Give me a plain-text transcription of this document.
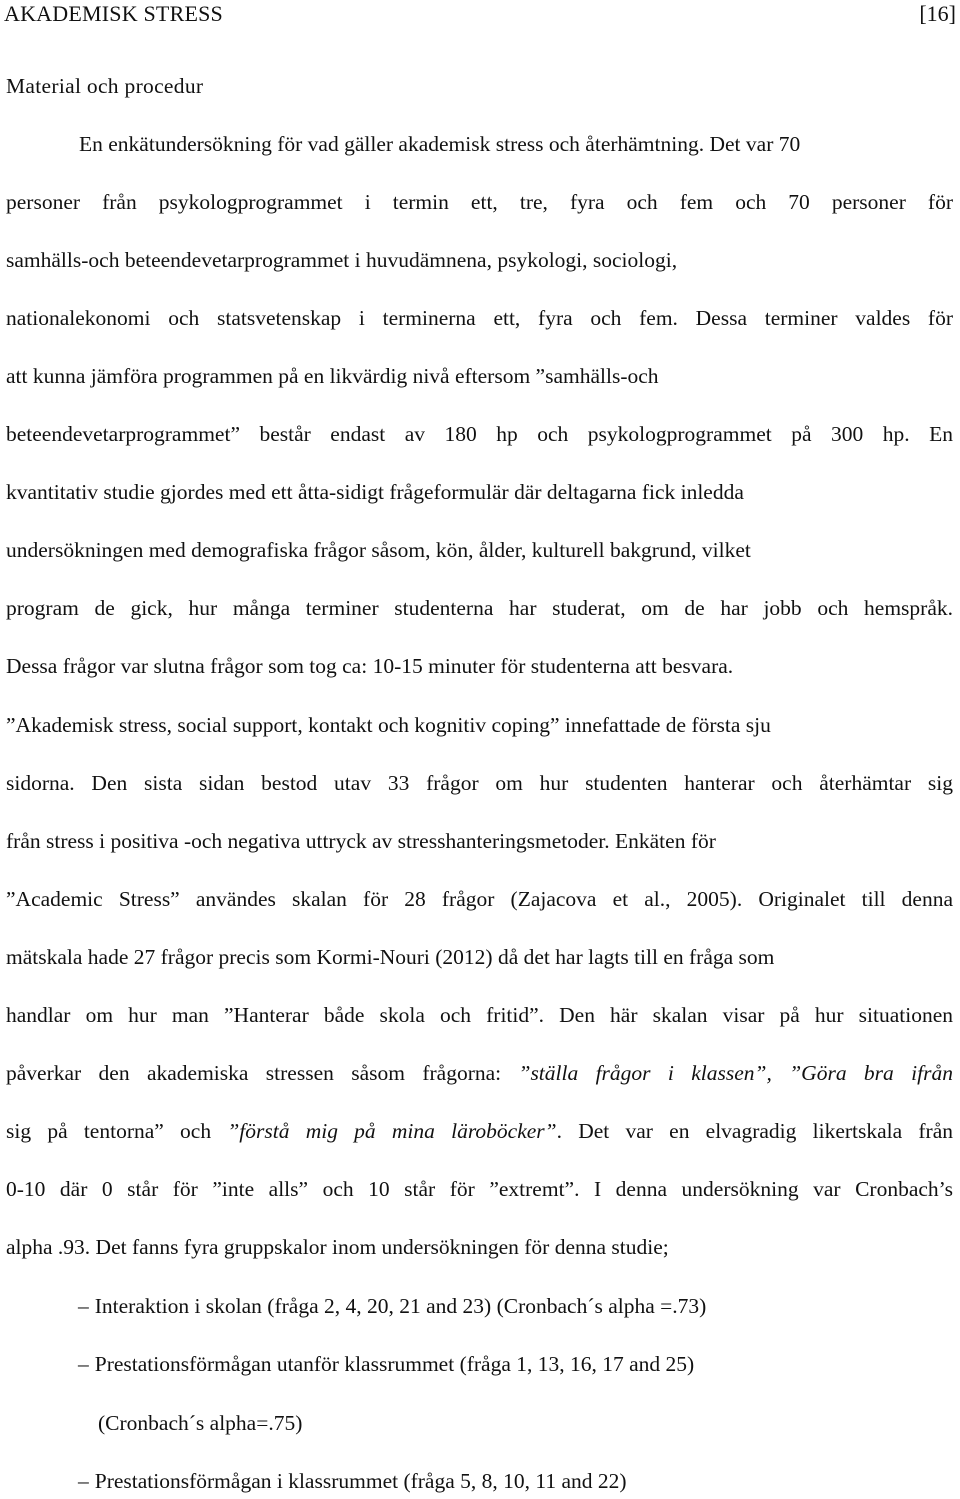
AKADEMISK STRESS	[16]
Material och procedur
En enkätundersökning för vad gäller akademisk stress och återhämtning. Det var 70
personer från psykologprogrammet i termin ett, tre, fyra och fem och 70 personer för
samhälls-och beteendevetarprogrammet i huvudämnena, psykologi, sociologi,
nationalekonomi och statsvetenskap i terminerna ett, fyra och fem. Dessa terminer valdes för
att kunna jämföra programmen på en likvärdig nivå eftersom ”samhälls-och
beteendevetarprogrammet” består endast av 180 hp och psykologprogrammet på 300 hp. En
kvantitativ studie gjordes med ett åtta-sidigt frågeformulär där deltagarna fick inledda
undersökningen med demografiska frågor såsom, kön, ålder, kulturell bakgrund, vilket
program de gick, hur många terminer studenterna har studerat, om de har jobb och hemspråk.
Dessa frågor var slutna frågor som tog ca: 10-15 minuter för studenterna att besvara.
”Akademisk stress, social support, kontakt och kognitiv coping” innefattade de första sju
sidorna. Den sista sidan bestod utav 33 frågor om hur studenten hanterar och återhämtar sig
från stress i positiva -och negativa uttryck av stresshanteringsmetoder. Enkäten för
”Academic Stress” användes skalan för 28 frågor (Zajacova et al., 2005). Originalet till denna
mätskala hade 27 frågor precis som Kormi-Nouri (2012) då det har lagts till en fråga som
handlar om hur man ”Hanterar både skola och fritid”. Den här skalan visar på hur situationen
påverkar den akademiska stressen såsom frågorna: ”ställa frågor i klassen”, ”Göra bra ifrån
sig på tentorna” och ”förstå mig på mina läroböcker”. Det var en elvagradig likertskala från
0-10 där 0 står för ”inte alls” och 10 står för ”extremt”. I denna undersökning var Cronbach’s
alpha .93. Det fanns fyra gruppskalor inom undersökningen för denna studie;
– Interaktion i skolan (fråga 2, 4, 20, 21 and 23) (Cronbach´s alpha =.73)
– Prestationsförmågan utanför klassrummet (fråga 1, 13, 16, 17 and 25)
(Cronbach´s alpha=.75)
– Prestationsförmågan i klassrummet (fråga 5, 8, 10, 11 and 22)
